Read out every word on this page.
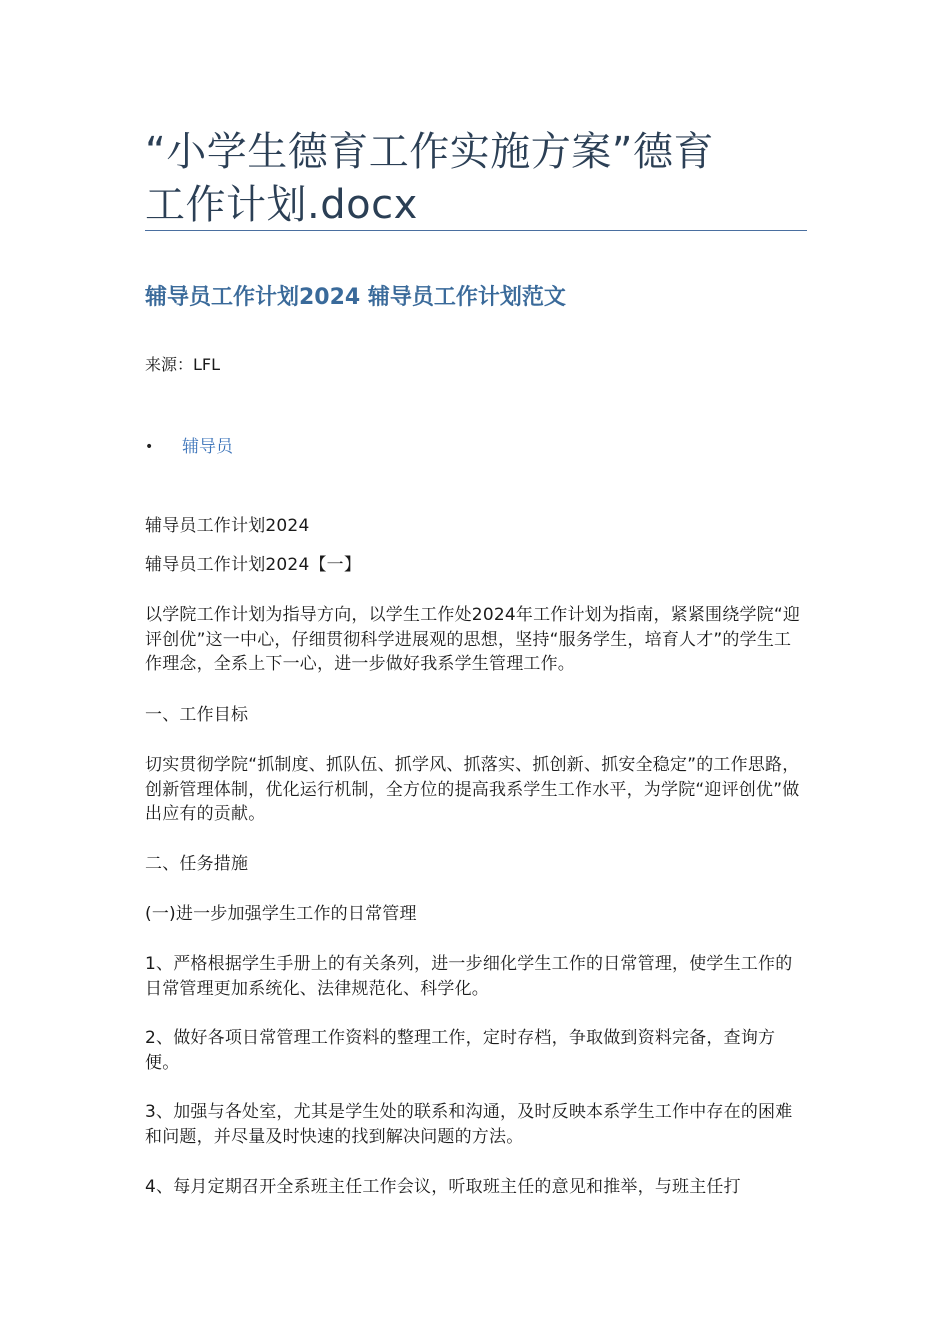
“小学生德育工作实施方案”德育
工作计划.docx
辅导员工作计划2024 辅导员工作计划范文
来源：LFL
• 辅导员

辅导员工作计划2024

辅导员工作计划2024【一】

以学院工作计划为指导方向，以学生工作处2024年工作计划为指南，紧紧围绕学院“迎评创优”这一中心，仔细贯彻科学进展观的思想，坚持“服务学生，培育人才”的学生工作理念，全系上下一心，进一步做好我系学生管理工作。

一、工作目标

切实贯彻学院“抓制度、抓队伍、抓学风、抓落实、抓创新、抓安全稳定”的工作思路，创新管理体制，优化运行机制，全方位的提高我系学生工作水平，为学院“迎评创优”做出应有的贡献。

二、任务措施

(一)进一步加强学生工作的日常管理

1、严格根据学生手册上的有关条列，进一步细化学生工作的日常管理，使学生工作的日常管理更加系统化、法律规范化、科学化。

2、做好各项日常管理工作资料的整理工作，定时存档，争取做到资料完备，查询方便。

3、加强与各处室，尤其是学生处的联系和沟通，及时反映本系学生工作中存在的困难和问题，并尽量及时快速的找到解决问题的方法。

4、每月定期召开全系班主任工作会议，听取班主任的意见和推举，与班主任打
